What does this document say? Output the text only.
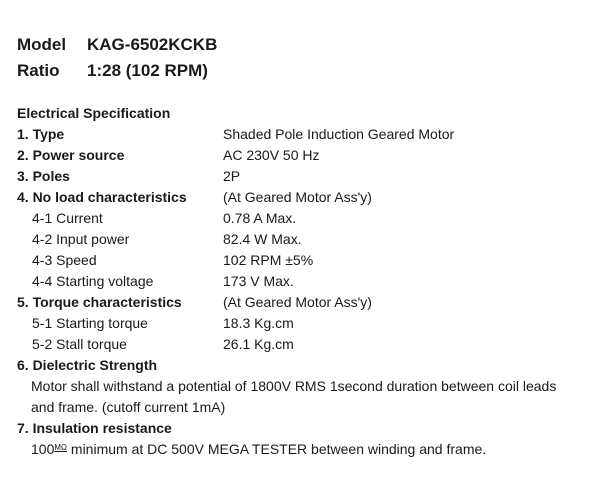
Model KAG-6502KCKB
Ratio 1:28 (102 RPM)
Electrical Specification
1. Type	Shaded Pole Induction Geared Motor
2. Power source	AC 230V 50 Hz
3. Poles	2P
4. No load characteristics	(At Geared Motor Ass'y)
4-1 Current	0.78 A Max.
4-2 Input power	82.4 W Max.
4-3 Speed	102 RPM ±5%
4-4 Starting voltage	173 V Max.
5. Torque characteristics	(At Geared Motor Ass'y)
5-1 Starting torque	18.3 Kg.cm
5-2 Stall torque	26.1 Kg.cm
6. Dielectric Strength
Motor shall withstand a potential of 1800V RMS 1second duration between coil leads
and frame. (cutoff current 1mA)
7. Insulation resistance
100MΩ minimum at DC 500V MEGA TESTER between winding and frame.
